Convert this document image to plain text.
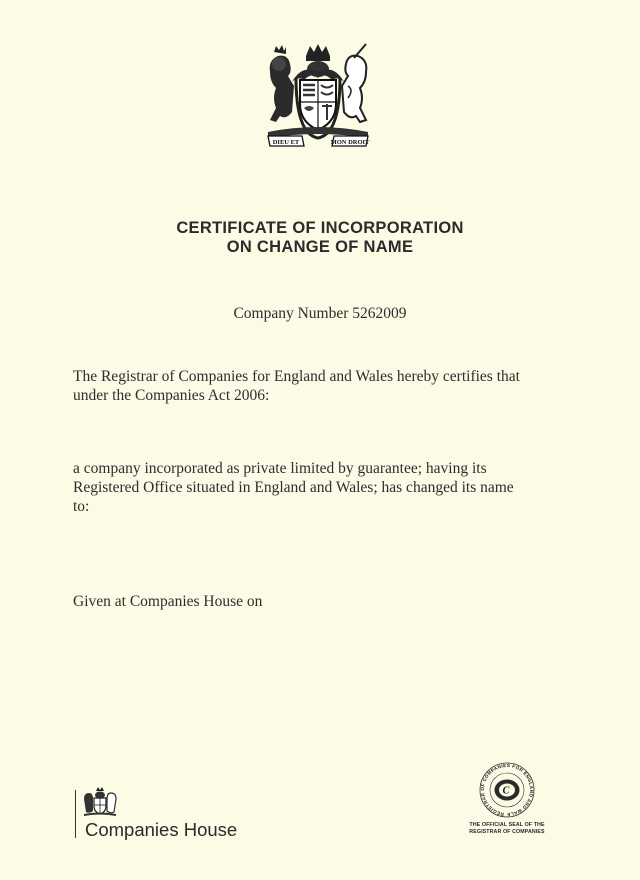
DIEU ET	MON DROIT
CERTIFICATE OF INCORPORATION
ON CHANGE OF NAME
Company Number 5262009
The Registrar of Companies for England and Wales hereby certifies that
under the Companies Act 2006:
a company incorporated as private limited by guarantee; having its
Registered Office situated in England and Wales; has changed its name
to:
Given at Companies House on
Companies House
REGISTRAR OF COMPANIES FOR ENGLAND AND WALE
C
THE OFFICIAL SEAL OF THE
REGISTRAR OF COMPANIES
